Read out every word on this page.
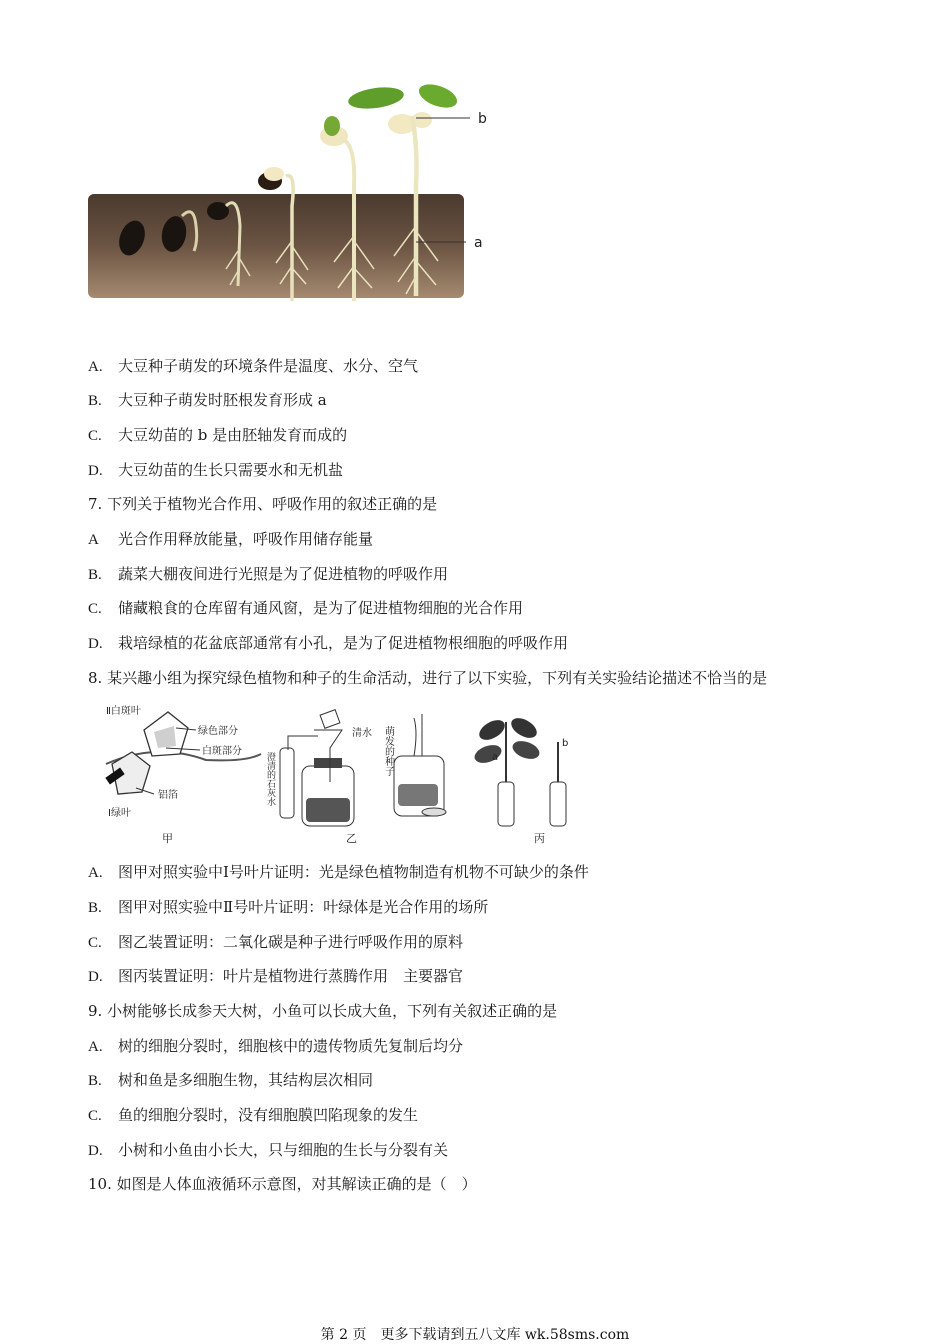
b
a
A. 大豆种子萌发的环境条件是温度、水分、空气
B. 大豆种子萌发时胚根发育形成 a
C. 大豆幼苗的 b 是由胚轴发育而成的
D. 大豆幼苗的生长只需要水和无机盐
7. 下列关于植物光合作用、呼吸作用的叙述正确的是
A 光合作用释放能量，呼吸作用储存能量
B. 蔬菜大棚夜间进行光照是为了促进植物的呼吸作用
C. 储藏粮食的仓库留有通风窗，是为了促进植物细胞的光合作用
D. 栽培绿植的花盆底部通常有小孔，是为了促进植物根细胞的呼吸作用
8. 某兴趣小组为探究绿色植物和种子的生命活动，进行了以下实验，下列有关实验结论描述不恰当的是
Ⅱ白斑叶
绿色部分
白斑部分
铝箔
Ⅰ绿叶
甲
清水
澄清的石灰水
萌发的种子
乙
a
b
丙
A. 图甲对照实验中Ⅰ号叶片证明：光是绿色植物制造有机物不可缺少的条件
B. 图甲对照实验中Ⅱ号叶片证明：叶绿体是光合作用的场所
C. 图乙装置证明：二氧化碳是种子进行呼吸作用的原料
D. 图丙装置证明：叶片是植物进行蒸腾作用　主要器官
9. 小树能够长成参天大树，小鱼可以长成大鱼，下列有关叙述正确的是
A. 树的细胞分裂时，细胞核中的遗传物质先复制后均分
B. 树和鱼是多细胞生物，其结构层次相同
C. 鱼的细胞分裂时，没有细胞膜凹陷现象的发生
D. 小树和小鱼由小长大，只与细胞的生长与分裂有关
10. 如图是人体血液循环示意图，对其解读正确的是（　）
第 2 页　更多下载请到五八文库 wk.58sms.com
